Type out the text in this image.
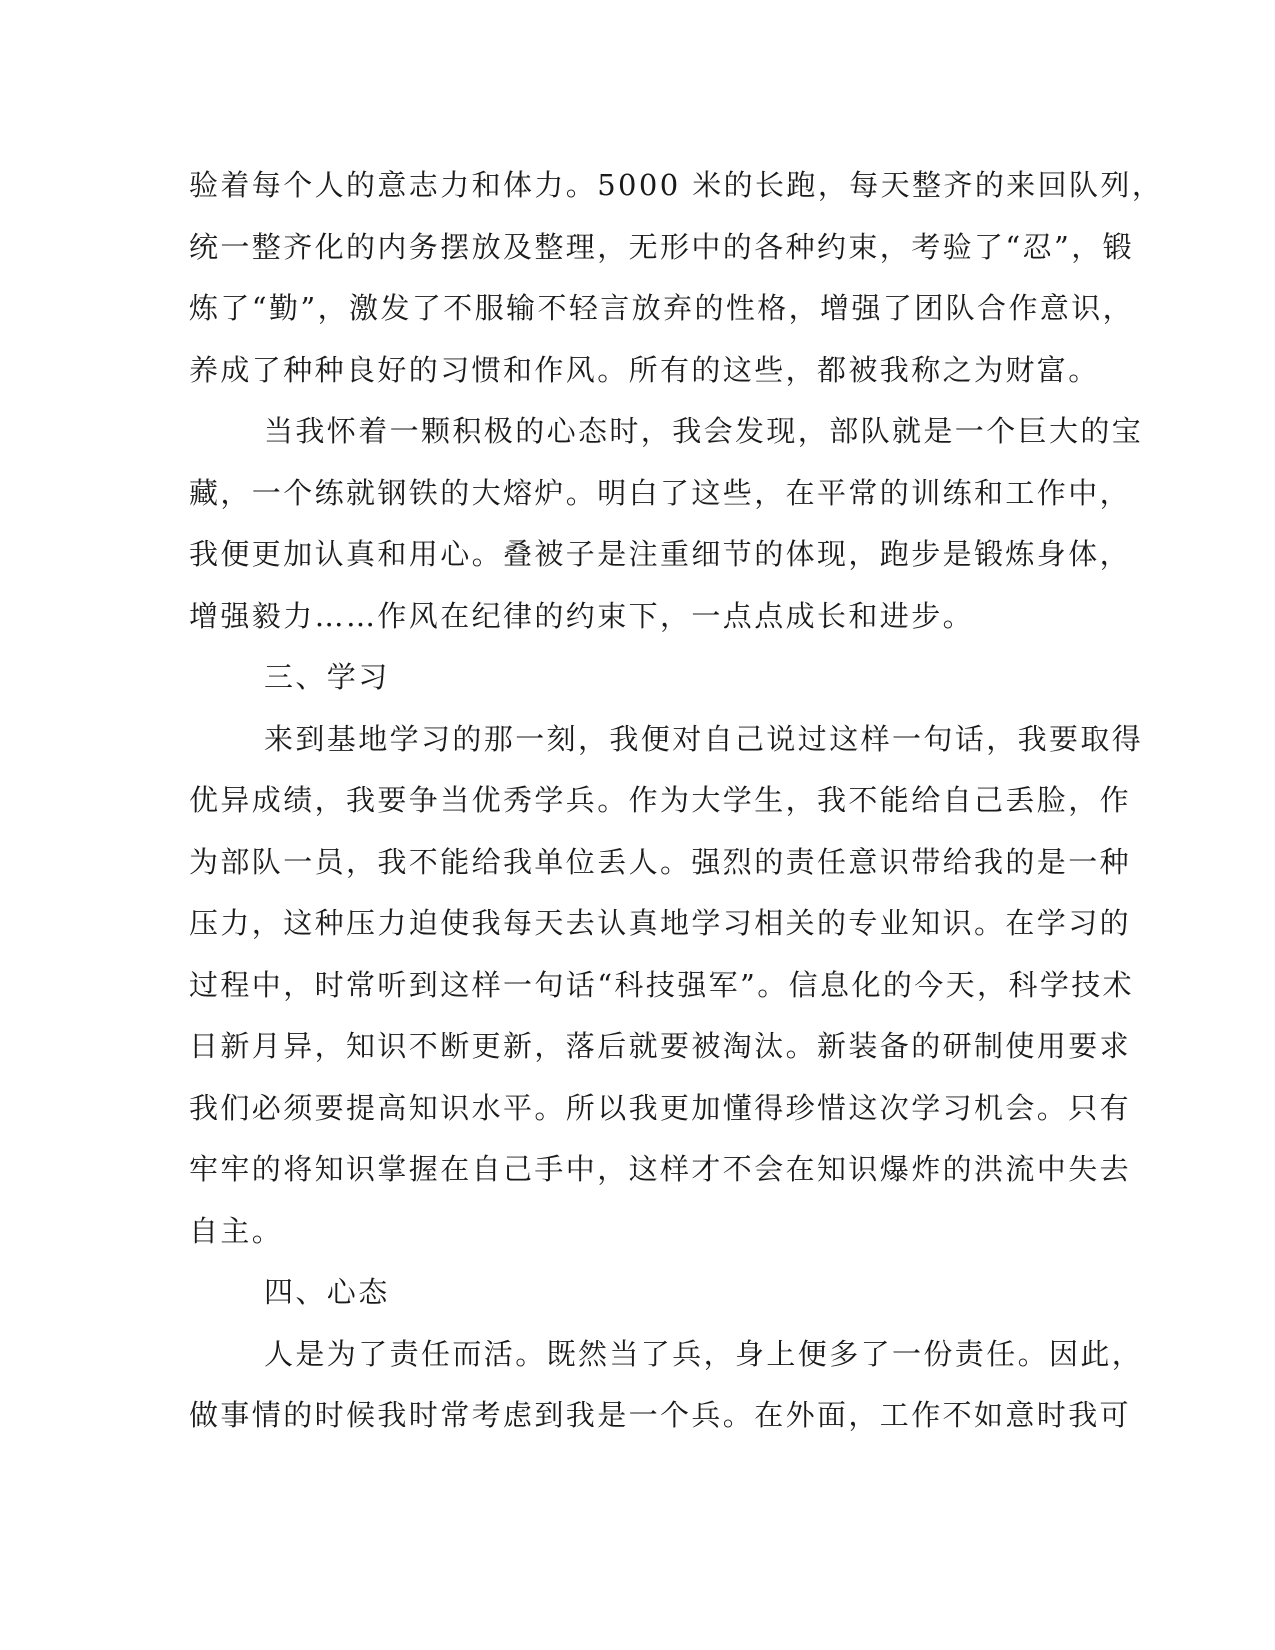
验着每个人的意志力和体力。5000 米的长跑，每天整齐的来回队列，
统一整齐化的内务摆放及整理，无形中的各种约束，考验了“忍”，锻
炼了“勤”，激发了不服输不轻言放弃的性格，增强了团队合作意识，
养成了种种良好的习惯和作风。所有的这些，都被我称之为财富。
当我怀着一颗积极的心态时，我会发现，部队就是一个巨大的宝
藏，一个练就钢铁的大熔炉。明白了这些，在平常的训练和工作中，
我便更加认真和用心。叠被子是注重细节的体现，跑步是锻炼身体，
增强毅力……作风在纪律的约束下，一点点成长和进步。
三、学习
来到基地学习的那一刻，我便对自己说过这样一句话，我要取得
优异成绩，我要争当优秀学兵。作为大学生，我不能给自己丢脸，作
为部队一员，我不能给我单位丢人。强烈的责任意识带给我的是一种
压力，这种压力迫使我每天去认真地学习相关的专业知识。在学习的
过程中，时常听到这样一句话“科技强军”。信息化的今天，科学技术
日新月异，知识不断更新，落后就要被淘汰。新装备的研制使用要求
我们必须要提高知识水平。所以我更加懂得珍惜这次学习机会。只有
牢牢的将知识掌握在自己手中，这样才不会在知识爆炸的洪流中失去
自主。
四、心态
人是为了责任而活。既然当了兵，身上便多了一份责任。因此，
做事情的时候我时常考虑到我是一个兵。在外面，工作不如意时我可
